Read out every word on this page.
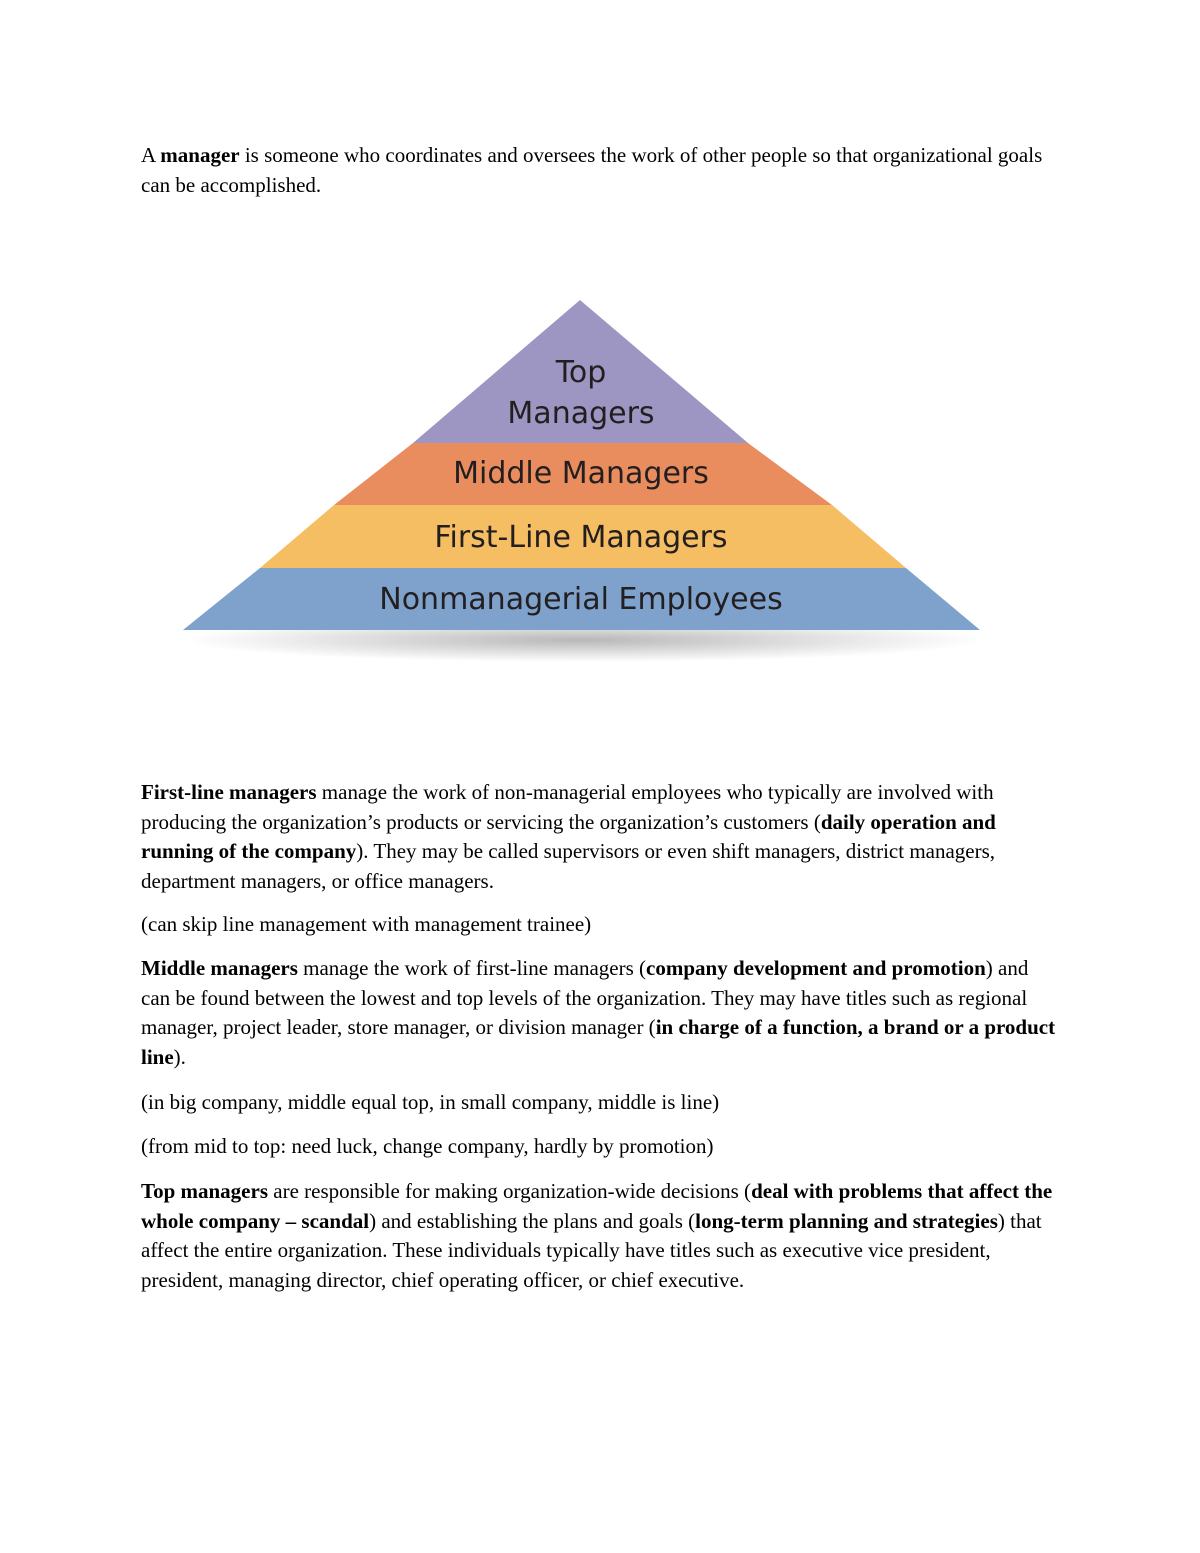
A manager is someone who coordinates and oversees the work of other people so that organizational goals can be accomplished.

Top
Managers
Middle Managers
First-Line Managers
Nonmanagerial Employees

First-line managers manage the work of non-managerial employees who typically are involved with producing the organization’s products or servicing the organization’s customers (daily operation and running of the company). They may be called supervisors or even shift managers, district managers, department managers, or office managers.

(can skip line management with management trainee)

Middle managers manage the work of first-line managers (company development and promotion) and can be found between the lowest and top levels of the organization. They may have titles such as regional manager, project leader, store manager, or division manager (in charge of a function, a brand or a product line).

(in big company, middle equal top, in small company, middle is line)

(from mid to top: need luck, change company, hardly by promotion)

Top managers are responsible for making organization-wide decisions (deal with problems that affect the whole company – scandal) and establishing the plans and goals (long-term planning and strategies) that affect the entire organization. These individuals typically have titles such as executive vice president, president, managing director, chief operating officer, or chief executive.
